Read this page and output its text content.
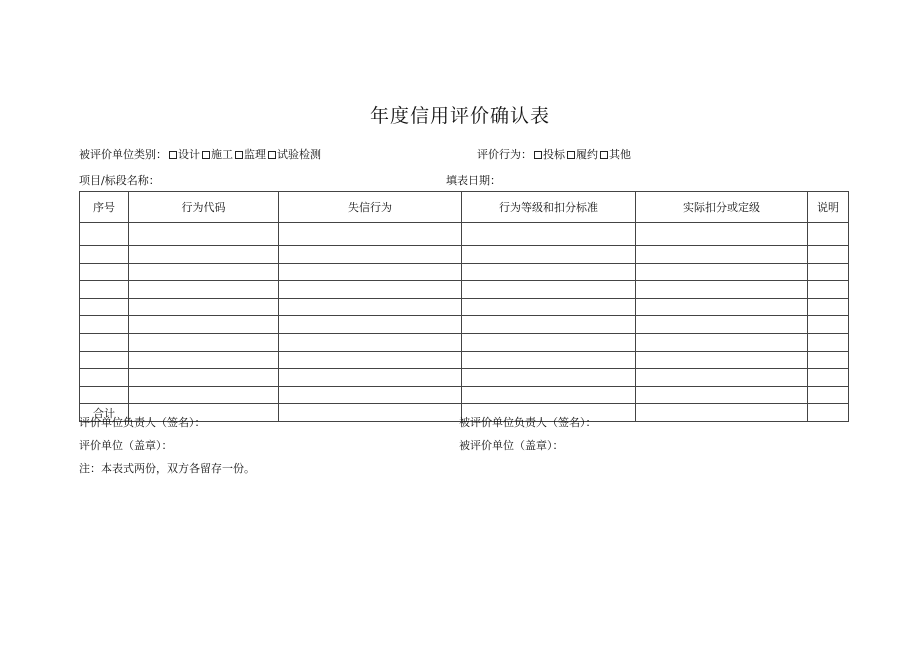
年度信用评价确认表
被评价单位类别： 设计 施工 监理 试验检测	评价行为： 投标 履约 其他
项目/标段名称：	填表日期：
序号	行为代码	失信行为	行为等级和扣分标准	实际扣分或定级	说明

合计					
评价单位负责人（签名）：	被评价单位负责人（签名）：
评价单位（盖章）：	被评价单位（盖章）：
注：本表式两份，双方各留存一份。
